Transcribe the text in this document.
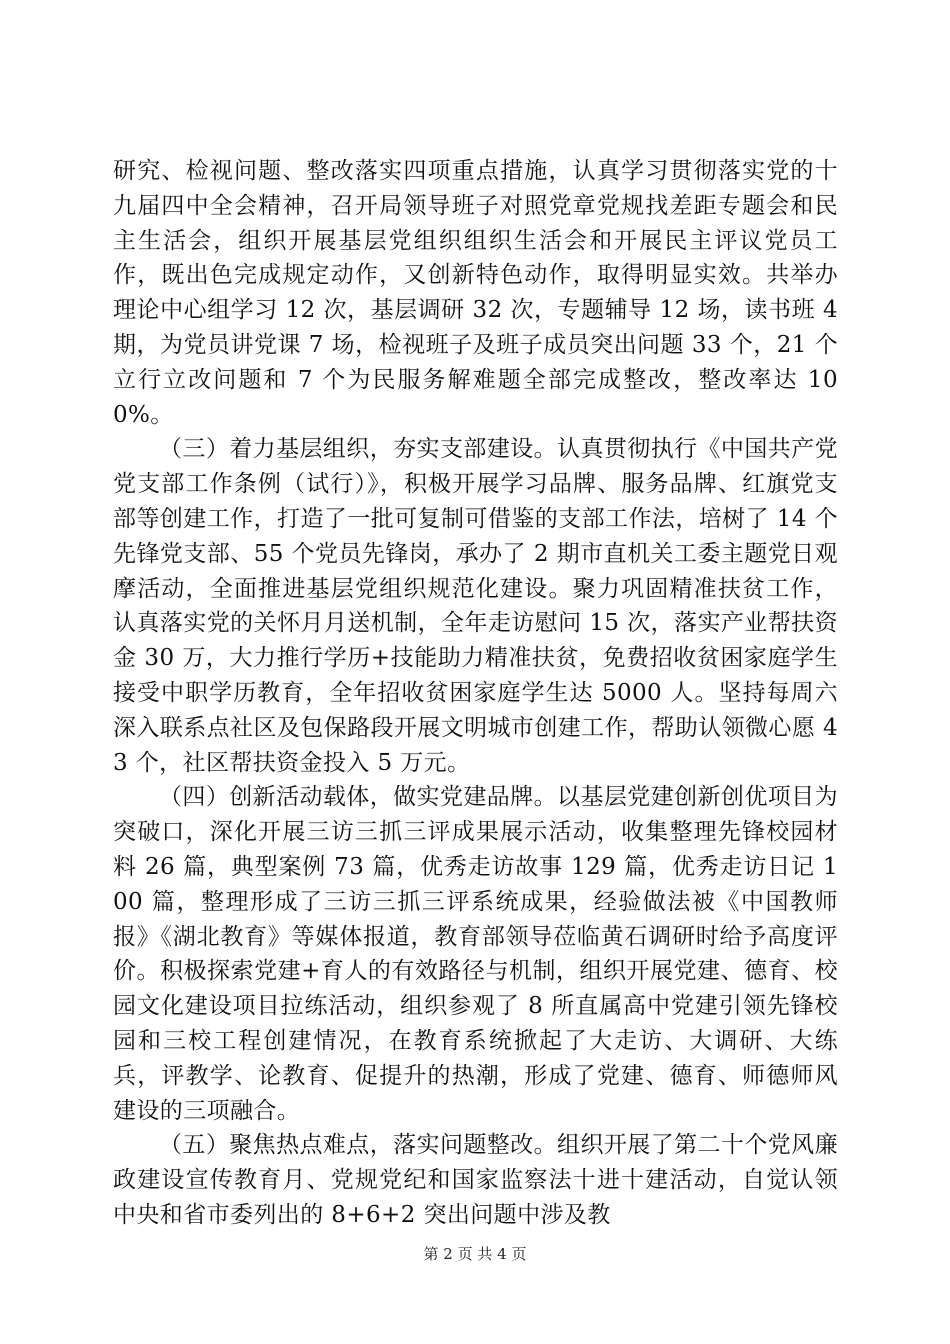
研究、检视问题、整改落实四项重点措施，认真学习贯彻落实党的十九届四中全会精神，召开局领导班子对照党章党规找差距专题会和民主生活会，组织开展基层党组织组织生活会和开展民主评议党员工作，既出色完成规定动作，又创新特色动作，取得明显实效。共举办理论中心组学习 12 次，基层调研 32 次，专题辅导 12 场，读书班 4 期，为党员讲党课 7 场，检视班子及班子成员突出问题 33 个，21 个立行立改问题和 7 个为民服务解难题全部完成整改，整改率达 100%。

（三）着力基层组织，夯实支部建设。认真贯彻执行《中国共产党党支部工作条例（试行）》，积极开展学习品牌、服务品牌、红旗党支部等创建工作，打造了一批可复制可借鉴的支部工作法，培树了 14 个先锋党支部、55 个党员先锋岗，承办了 2 期市直机关工委主题党日观摩活动，全面推进基层党组织规范化建设。聚力巩固精准扶贫工作，认真落实党的关怀月月送机制，全年走访慰问 15 次，落实产业帮扶资金 30 万，大力推行学历+技能助力精准扶贫，免费招收贫困家庭学生接受中职学历教育，全年招收贫困家庭学生达 5000 人。坚持每周六深入联系点社区及包保路段开展文明城市创建工作，帮助认领微心愿 43 个，社区帮扶资金投入 5 万元。

（四）创新活动载体，做实党建品牌。以基层党建创新创优项目为突破口，深化开展三访三抓三评成果展示活动，收集整理先锋校园材料 26 篇，典型案例 73 篇，优秀走访故事 129 篇，优秀走访日记 100 篇，整理形成了三访三抓三评系统成果，经验做法被《中国教师报》《湖北教育》等媒体报道，教育部领导莅临黄石调研时给予高度评价。积极探索党建+育人的有效路径与机制，组织开展党建、德育、校园文化建设项目拉练活动，组织参观了 8 所直属高中党建引领先锋校园和三校工程创建情况，在教育系统掀起了大走访、大调研、大练兵，评教学、论教育、促提升的热潮，形成了党建、德育、师德师风建设的三项融合。

（五）聚焦热点难点，落实问题整改。组织开展了第二十个党风廉政建设宣传教育月、党规党纪和国家监察法十进十建活动，自觉认领中央和省市委列出的 8+6+2 突出问题中涉及教

第 2 页 共 4 页
